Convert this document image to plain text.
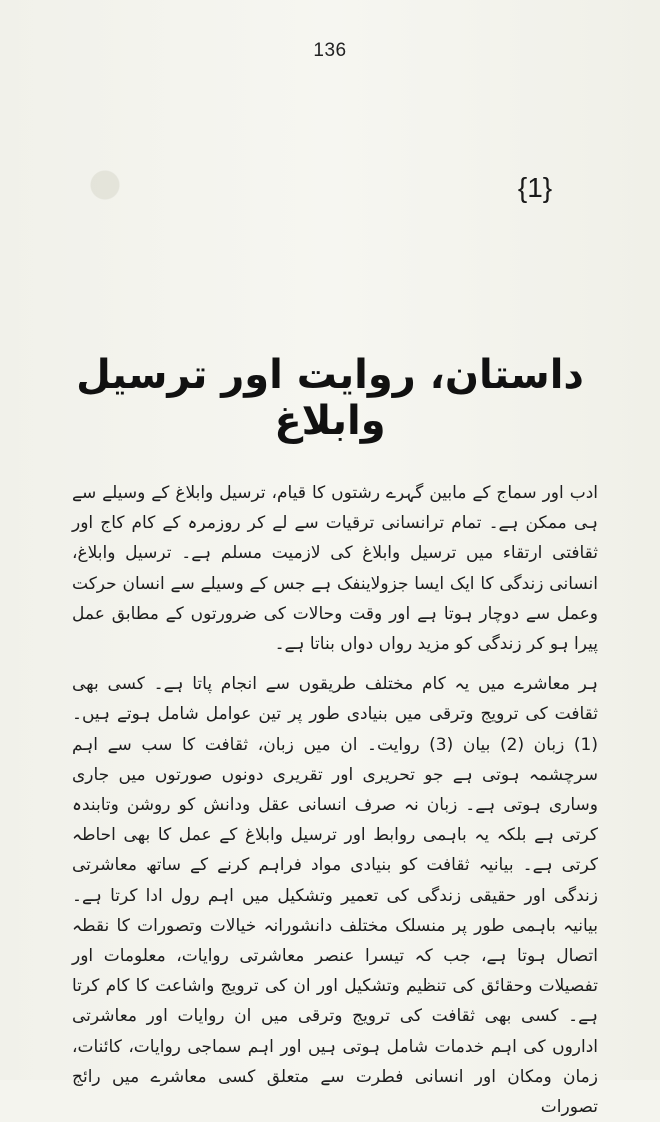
136
{1}
داستان، روایت اور ترسیل وابلاغ

ادب اور سماج کے مابین گہرے رشتوں کا قیام، ترسیل وابلاغ کے وسیلے سے ہی ممکن ہے۔ تمام ترانسانی ترقیات سے لے کر روزمرہ کے کام کاج اور ثقافتی ارتقاء میں ترسیل وابلاغ کی لازمیت مسلم ہے۔ ترسیل وابلاغ، انسانی زندگی کا ایک ایسا جزولاینفک ہے جس کے وسیلے سے انسان حرکت وعمل سے دوچار ہوتا ہے اور وقت وحالات کی ضرورتوں کے مطابق عمل پیرا ہو کر زندگی کو مزید رواں دواں بناتا ہے۔

ہر معاشرے میں یہ کام مختلف طریقوں سے انجام پاتا ہے۔ کسی بھی ثقافت کی ترویج وترقی میں بنیادی طور پر تین عوامل شامل ہوتے ہیں۔ (1) زبان (2) بیان (3) روایت۔ ان میں زبان، ثقافت کا سب سے اہم سرچشمہ ہوتی ہے جو تحریری اور تقریری دونوں صورتوں میں جاری وساری ہوتی ہے۔ زبان نہ صرف انسانی عقل ودانش کو روشن وتابندہ کرتی ہے بلکہ یہ باہمی روابط اور ترسیل وابلاغ کے عمل کا بھی احاطہ کرتی ہے۔ بیانیہ ثقافت کو بنیادی مواد فراہم کرنے کے ساتھ معاشرتی زندگی اور حقیقی زندگی کی تعمیر وتشکیل میں اہم رول ادا کرتا ہے۔ بیانیہ باہمی طور پر منسلک مختلف دانشورانہ خیالات وتصورات کا نقطہ اتصال ہوتا ہے، جب کہ تیسرا عنصر معاشرتی روایات، معلومات اور تفصیلات وحقائق کی تنظیم وتشکیل اور ان کی ترویج واشاعت کا کام کرتا ہے۔ کسی بھی ثقافت کی ترویج وترقی میں ان روایات اور معاشرتی اداروں کی اہم خدمات شامل ہوتی ہیں اور اہم سماجی روایات، کائنات، زمان ومکان اور انسانی فطرت سے متعلق کسی معاشرے میں رائج تصورات
